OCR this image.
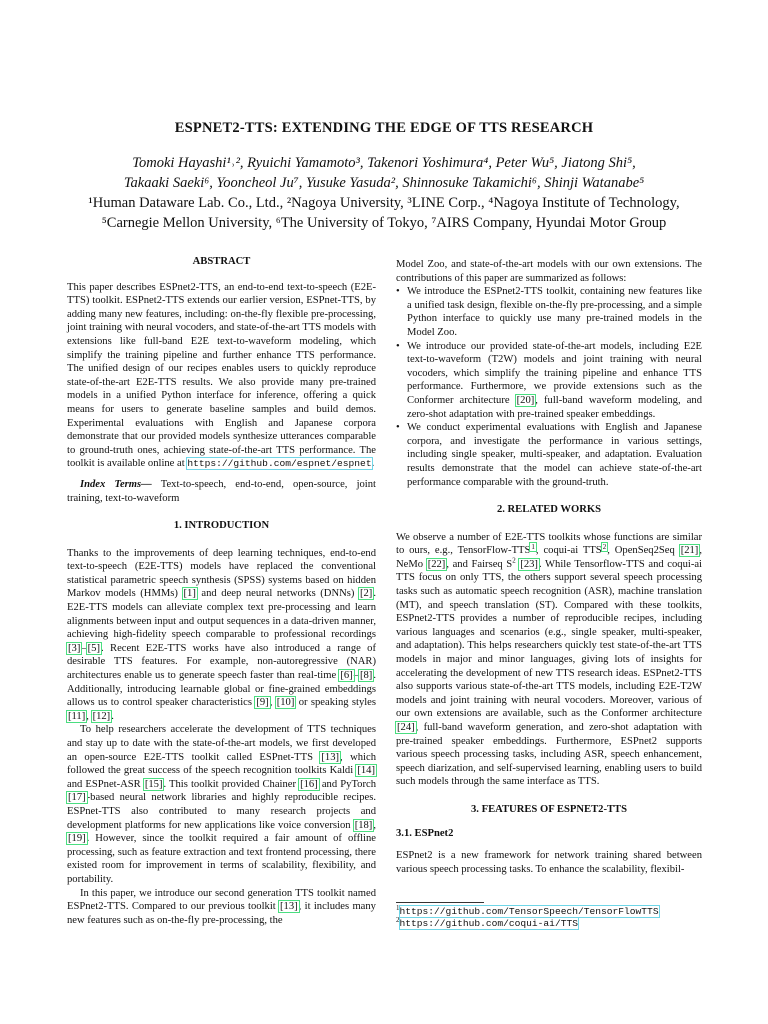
ESPNET2-TTS: EXTENDING THE EDGE OF TTS RESEARCH
Tomoki Hayashi¹˒², Ryuichi Yamamoto³, Takenori Yoshimura⁴, Peter Wu⁵, Jiatong Shi⁵,
Takaaki Saeki⁶, Yooncheol Ju⁷, Yusuke Yasuda², Shinnosuke Takamichi⁶, Shinji Watanabe⁵
¹Human Dataware Lab. Co., Ltd., ²Nagoya University, ³LINE Corp., ⁴Nagoya Institute of Technology,
⁵Carnegie Mellon University, ⁶The University of Tokyo, ⁷AIRS Company, Hyundai Motor Group

ABSTRACT

This paper describes ESPnet2-TTS, an end-to-end text-to-speech (E2E-TTS) toolkit. ESPnet2-TTS extends our earlier version, ESPnet-TTS, by adding many new features, including: on-the-fly flexible pre-processing, joint training with neural vocoders, and state-of-the-art TTS models with extensions like full-band E2E text-to-waveform modeling, which simplify the training pipeline and further enhance TTS performance. The unified design of our recipes enables users to quickly reproduce state-of-the-art E2E-TTS results. We also provide many pre-trained models in a unified Python interface for inference, offering a quick means for users to generate baseline samples and build demos. Experimental evaluations with English and Japanese corpora demonstrate that our provided models synthesize utterances comparable to ground-truth ones, achieving state-of-the-art TTS performance. The toolkit is available online at https://github.com/espnet/espnet.

Index Terms— Text-to-speech, end-to-end, open-source, joint training, text-to-waveform

1. INTRODUCTION

Thanks to the improvements of deep learning techniques, end-to-end text-to-speech (E2E-TTS) models have replaced the conventional statistical parametric speech synthesis (SPSS) systems based on hidden Markov models (HMMs) [1] and deep neural networks (DNNs) [2]. E2E-TTS models can alleviate complex text pre-processing and learn alignments between input and output sequences in a data-driven manner, achieving high-fidelity speech comparable to professional recordings [3]–[5]. Recent E2E-TTS works have also introduced a range of desirable TTS features. For example, non-autoregressive (NAR) architectures enable us to generate speech faster than real-time [6]–[8]. Additionally, introducing learnable global or fine-grained embeddings allows us to control speaker characteristics [9], [10] or speaking styles [11], [12].

To help researchers accelerate the development of TTS techniques and stay up to date with the state-of-the-art models, we first developed an open-source E2E-TTS toolkit called ESPnet-TTS [13], which followed the great success of the speech recognition toolkits Kaldi [14] and ESPnet-ASR [15]. This toolkit provided Chainer [16] and PyTorch [17]-based neural network libraries and highly reproducible recipes. ESPnet-TTS also contributed to many research projects and development platforms for new applications like voice conversion [18], [19]. However, since the toolkit required a fair amount of offline processing, such as feature extraction and text frontend processing, there existed room for improvement in terms of scalability, flexibility, and portability.

In this paper, we introduce our second generation TTS toolkit named ESPnet2-TTS. Compared to our previous toolkit [13], it includes many new features such as on-the-fly pre-processing, the

Model Zoo, and state-of-the-art models with our own extensions. The contributions of this paper are summarized as follows:

• We introduce the ESPnet2-TTS toolkit, containing new features like a unified task design, flexible on-the-fly pre-processing, and a simple Python interface to quickly use many pre-trained models in the Model Zoo.
• We introduce our provided state-of-the-art models, including E2E text-to-waveform (T2W) models and joint training with neural vocoders, which simplify the training pipeline and enhance TTS performance. Furthermore, we provide extensions such as the Conformer architecture [20], full-band waveform modeling, and zero-shot adaptation with pre-trained speaker embeddings.
• We conduct experimental evaluations with English and Japanese corpora, and investigate the performance in various settings, including single speaker, multi-speaker, and adaptation. Evaluation results demonstrate that the model can achieve state-of-the-art performance comparable with the ground-truth.

2. RELATED WORKS

We observe a number of E2E-TTS toolkits whose functions are similar to ours, e.g., TensorFlow-TTS$^1$, coqui-ai TTS$^2$, OpenSeq2Seq [21], NeMo [22], and Fairseq $S^2$ [23]. While Tensorflow-TTS and coqui-ai TTS focus on only TTS, the others support several speech processing tasks such as automatic speech recognition (ASR), machine translation (MT), and speech translation (ST). Compared with these toolkits, ESPnet2-TTS provides a number of reproducible recipes, including various languages and scenarios (e.g., single speaker, multi-speaker, and adaptation). This helps researchers quickly test state-of-the-art TTS models in major and minor languages, giving lots of insights for accelerating the development of new TTS research ideas. ESPnet2-TTS also supports various state-of-the-art TTS models, including E2E-T2W models and joint training with neural vocoders. Moreover, various of our own extensions are available, such as the Conformer architecture [24], full-band waveform generation, and zero-shot adaptation with pre-trained speaker embeddings. Furthermore, ESPnet2 supports various speech processing tasks, including ASR, speech enhancement, speech diarization, and self-supervised learning, enabling users to build such models through the same interface as TTS.

3. FEATURES OF ESPNET2-TTS

3.1. ESPnet2

ESPnet2 is a new framework for network training shared between various speech processing tasks. To enhance the scalability, flexibil-

$^1$https://github.com/TensorSpeech/TensorFlowTTS
$^2$https://github.com/coqui-ai/TTS
